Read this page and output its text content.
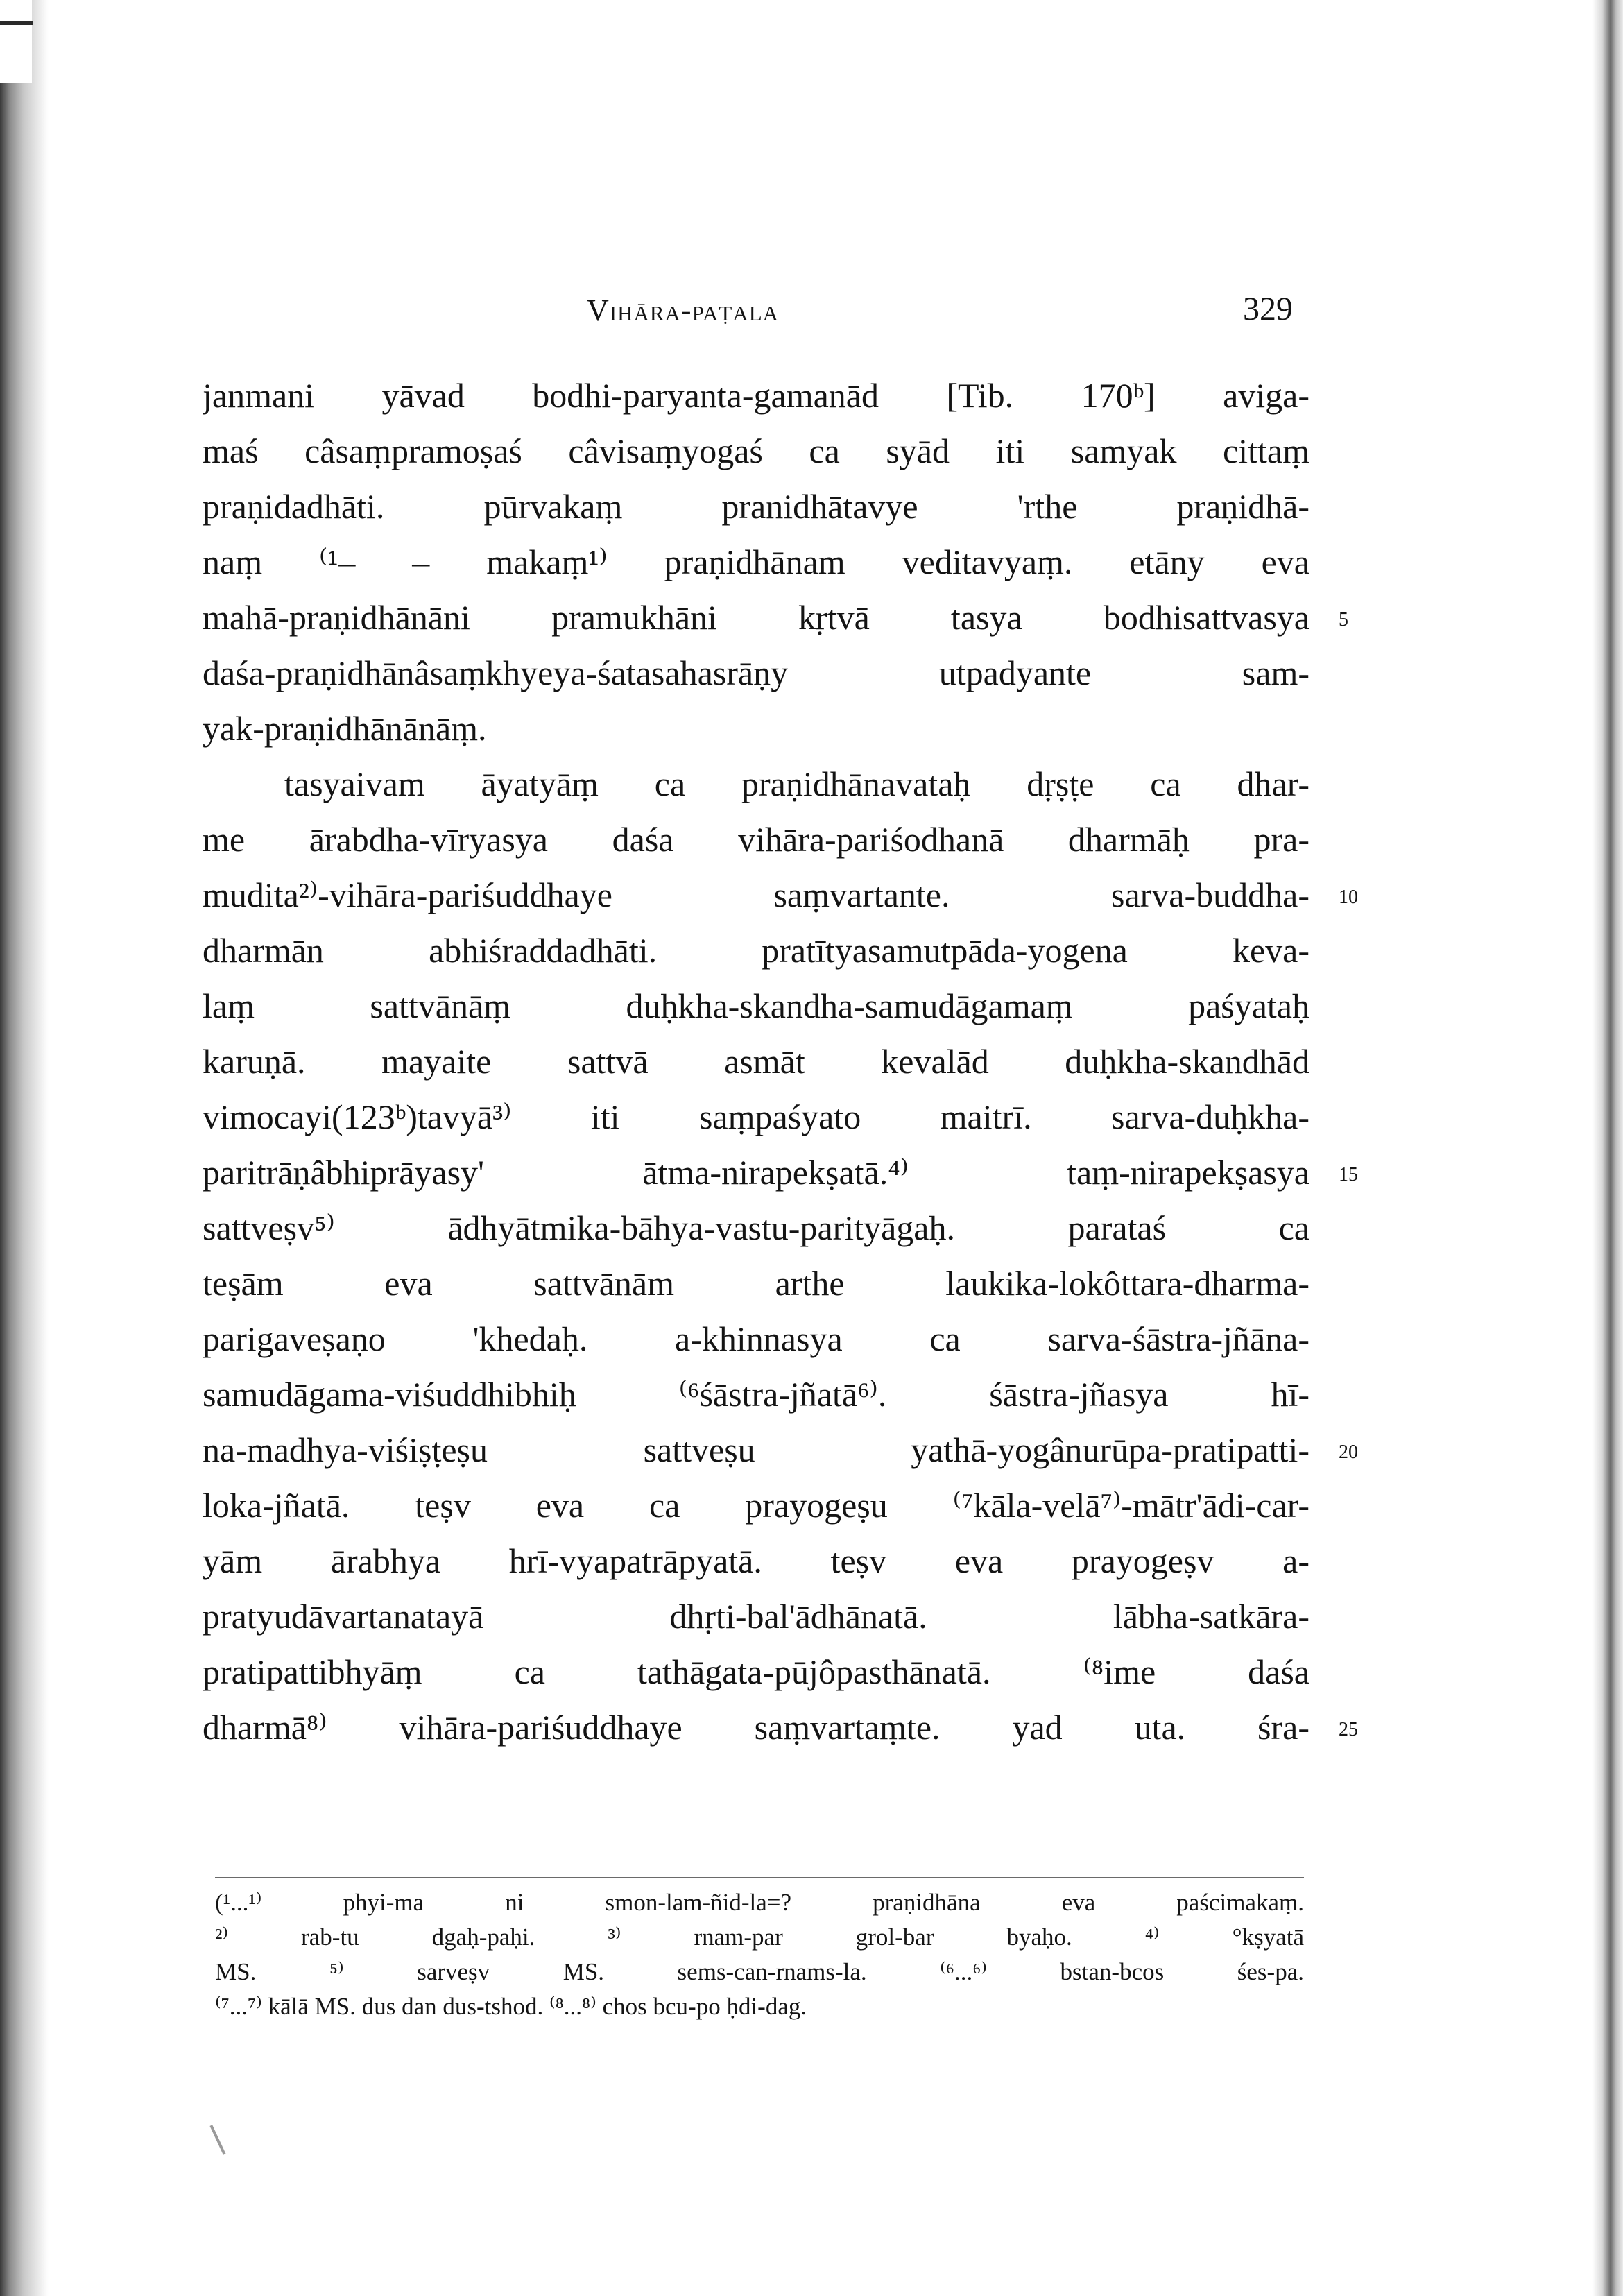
Vihāra-paṭala	329
janmani yāvad bodhi-paryanta-gamanād [Tib. 170ᵇ] aviga-
maś câsaṃpramoṣaś câvisaṃyogaś ca syād iti samyak cittaṃ
praṇidadhāti. pūrvakaṃ pranidhātavye 'rthe praṇidhā-
naṃ ⁽¹– – makaṃ¹⁾ praṇidhānam veditavyaṃ. etāny eva
mahā-praṇidhānāni pramukhāni kṛtvā tasya bodhisattvasya
daśa-praṇidhānâsaṃkhyeya-śatasahasrāṇy utpadyante sam-
yak-praṇidhānānāṃ.
tasyaivam āyatyāṃ ca praṇidhānavataḥ dṛṣṭe ca dhar-
me ārabdha-vīryasya daśa vihāra-pariśodhanā dharmāḥ pra-
mudita²⁾-vihāra-pariśuddhaye saṃvartante. sarva-buddha-
dharmān abhiśraddadhāti. pratītyasamutpāda-yogena keva-
laṃ sattvānāṃ duḥkha-skandha-samudāgamaṃ paśyataḥ
karuṇā. mayaite sattvā asmāt kevalād duḥkha-skandhād
vimocayi(123ᵇ)tavyā³⁾ iti saṃpaśyato maitrī. sarva-duḥkha-
paritrāṇâbhiprāyasy' ātma-nirapekṣatā.⁴⁾ taṃ-nirapekṣasya
sattveṣv⁵⁾ ādhyātmika-bāhya-vastu-parityāgaḥ. parataś ca
teṣām eva sattvānām arthe laukika-lokôttara-dharma-
parigaveṣaṇo 'khedaḥ. a-khinnasya ca sarva-śāstra-jñāna-
samudāgama-viśuddhibhiḥ ⁽⁶śāstra-jñatā⁶⁾. śāstra-jñasya hī-
na-madhya-viśiṣṭeṣu sattveṣu yathā-yogânurūpa-pratipatti-
loka-jñatā. teṣv eva ca prayogeṣu ⁽⁷kāla-velā⁷⁾-mātr'ādi-car-
yām ārabhya hrī-vyapatrāpyatā. teṣv eva prayogeṣv a-
pratyudāvartanatayā dhṛti-bal'ādhānatā. lābha-satkāra-
pratipattibhyāṃ ca tathāgata-pūjôpasthānatā. ⁽⁸ime daśa
dharmā⁸⁾ vihāra-pariśuddhaye saṃvartaṃte. yad uta. śra-
5
10
15
20
25
(¹...¹⁾ phyi-ma ni smon-lam-ñid-la=? praṇidhāna eva paścimakaṃ.
²⁾ rab-tu dgaḥ-paḥi. ³⁾ rnam-par grol-bar byaḥo. ⁴⁾ °kṣyatā
MS. ⁵⁾ sarveṣv MS. sems-can-rnams-la. ⁽⁶...⁶⁾ bstan-bcos śes-pa.
⁽⁷...⁷⁾ kālā MS. dus dan dus-tshod. ⁽⁸...⁸⁾ chos bcu-po ḥdi-dag.
